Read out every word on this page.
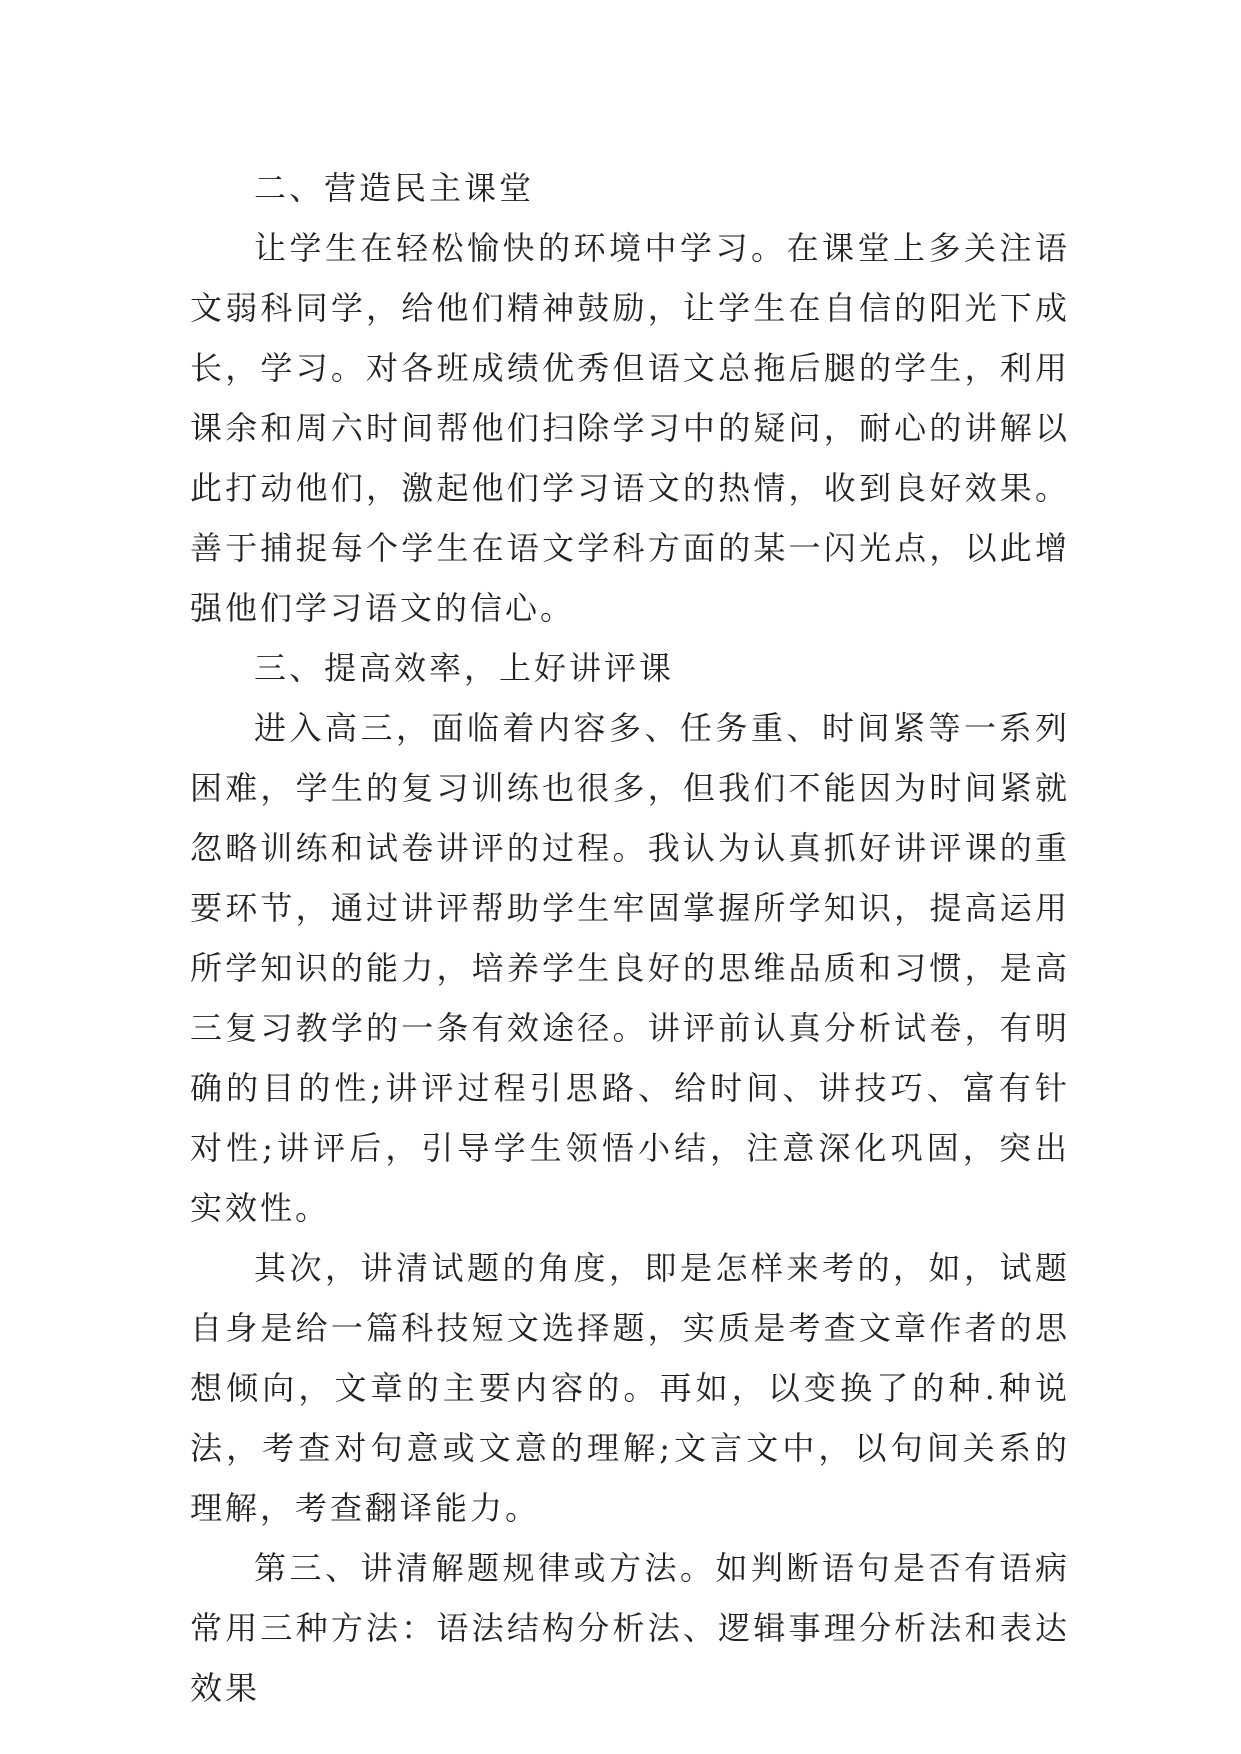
二、营造民主课堂

让学生在轻松愉快的环境中学习。在课堂上多关注语文弱科同学，给他们精神鼓励，让学生在自信的阳光下成长，学习。对各班成绩优秀但语文总拖后腿的学生，利用课余和周六时间帮他们扫除学习中的疑问，耐心的讲解以此打动他们，激起他们学习语文的热情，收到良好效果。善于捕捉每个学生在语文学科方面的某一闪光点，以此增强他们学习语文的信心。

三、提高效率，上好讲评课

进入高三，面临着内容多、任务重、时间紧等一系列困难，学生的复习训练也很多，但我们不能因为时间紧就忽略训练和试卷讲评的过程。我认为认真抓好讲评课的重要环节，通过讲评帮助学生牢固掌握所学知识，提高运用所学知识的能力，培养学生良好的思维品质和习惯，是高三复习教学的一条有效途径。讲评前认真分析试卷，有明确的目的性;讲评过程引思路、给时间、讲技巧、富有针对性;讲评后，引导学生领悟小结，注意深化巩固，突出实效性。

其次，讲清试题的角度，即是怎样来考的，如，试题自身是给一篇科技短文选择题，实质是考查文章作者的思想倾向，文章的主要内容的。再如，以变换了的种.种说法，考查对句意或文意的理解;文言文中，以句间关系的理解，考查翻译能力。

第三、讲清解题规律或方法。如判断语句是否有语病常用三种方法：语法结构分析法、逻辑事理分析法和表达效果
